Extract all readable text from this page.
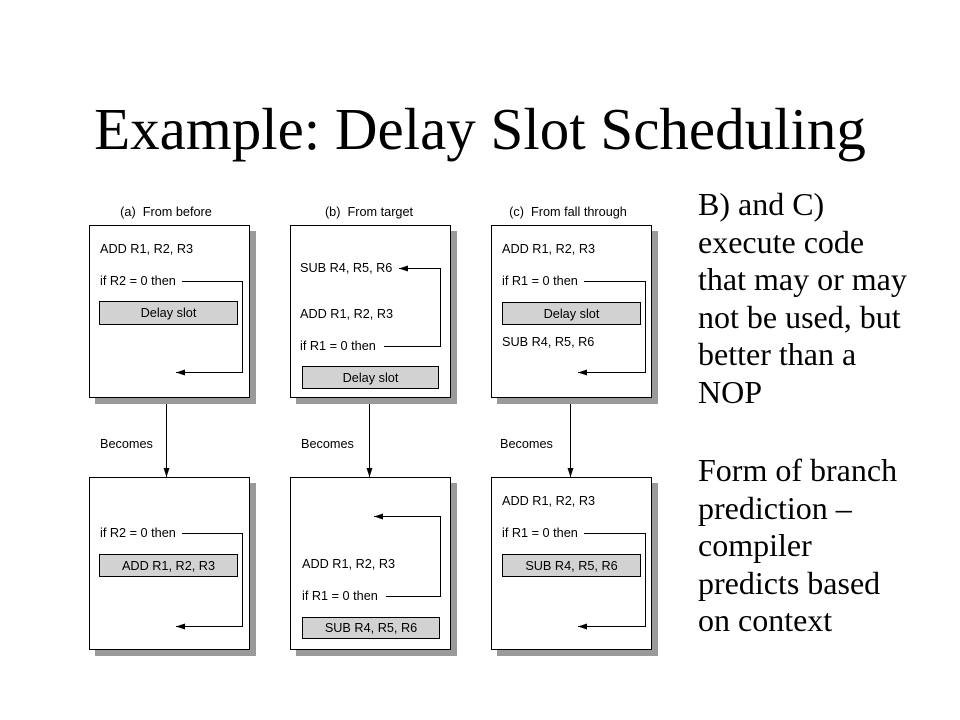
Example: Delay Slot Scheduling
(a)  From before	(b)  From target	(c)  From fall through
ADD R1, R2, R3
if R2 = 0 then
Delay slot
SUB R4, R5, R6
ADD R1, R2, R3
if R1 = 0 then
Delay slot
ADD R1, R2, R3
if R1 = 0 then
Delay slot
SUB R4, R5, R6
Becomes	Becomes	Becomes
if R2 = 0 then
ADD R1, R2, R3	ADD R1, R2, R3
if R1 = 0 then
SUB R4, R5, R6
ADD R1, R2, R3
if R1 = 0 then
SUB R4, R5, R6
B) and C)
execute code
that may or may
not be used, but
better than a
NOP
Form of branch
prediction –
compiler
predicts based
on context
